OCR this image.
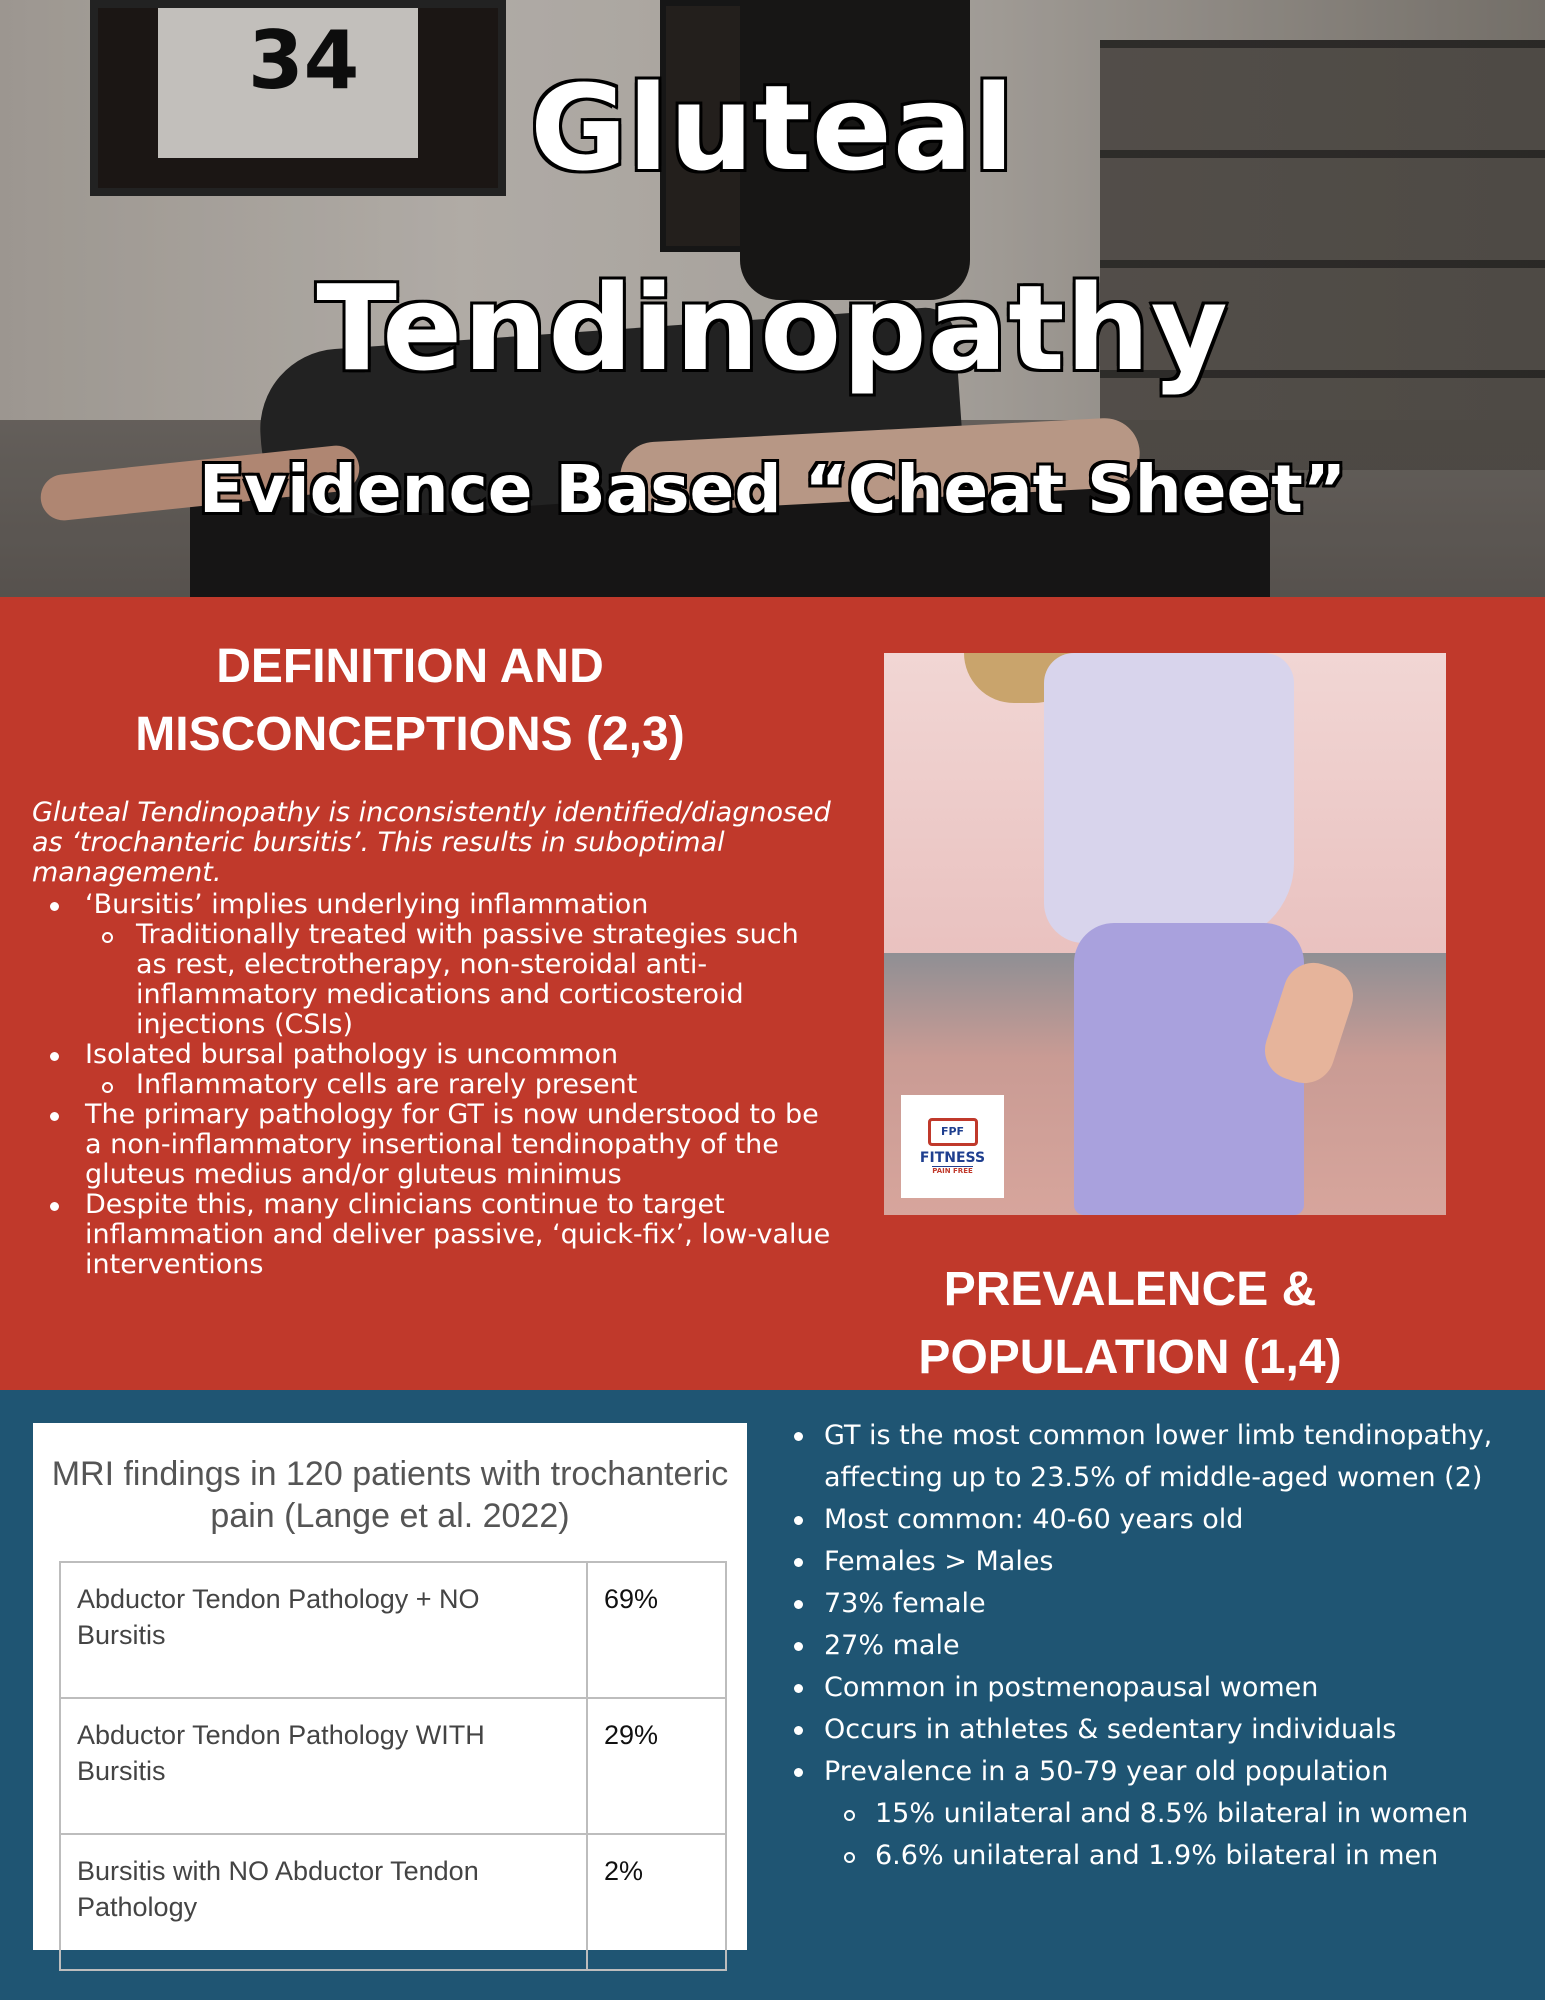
34	Gluteal
Tendinopathy
Evidence Based “Cheat Sheet”
DEFINITION AND MISCONCEPTIONS (2,3)

Gluteal Tendinopathy is inconsistently identified/diagnosed as ‘trochanteric bursitis’. This results in suboptimal management.

‘Bursitis’ implies underlying inflammation
Traditionally treated with passive strategies such as rest, electrotherapy, non-steroidal anti-inflammatory medications and corticosteroid injections (CSIs)
Isolated bursal pathology is uncommon
Inflammatory cells are rarely present
The primary pathology for GT is now understood to be a non-inflammatory insertional tendinopathy of the gluteus medius and/or gluteus minimus
Despite this, many clinicians continue to target inflammation and deliver passive, ‘quick-fix’, low-value interventions
FPF
FITNESS
PAIN FREE
PREVALENCE & POPULATION (1,4)

MRI findings in 120 patients with trochanteric pain (Lange et al. 2022)

Abductor Tendon Pathology + NO Bursitis	69%
Abductor Tendon Pathology WITH Bursitis	29%
Bursitis with NO Abductor Tendon Pathology	2%
GT is the most common lower limb tendinopathy, affecting up to 23.5% of middle-aged women (2)
Most common: 40-60 years old
Females > Males
73% female
27% male
Common in postmenopausal women
Occurs in athletes & sedentary individuals
Prevalence in a 50-79 year old population
15% unilateral and 8.5% bilateral in women
6.6% unilateral and 1.9% bilateral in men
